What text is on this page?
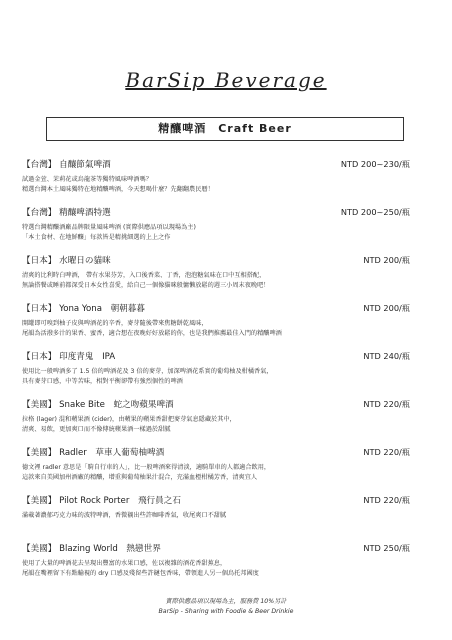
BarSip Beverage
精釀啤酒　Craft Beer
【台灣】 自釀節氣啤酒	NTD 200~230/瓶
試過金萱、茉莉花或烏龍茶等獨特風味啤酒嗎？
精選台灣本土風味獨特在地精釀啤酒，今天想喝什麼？先翻翻農民曆！
【台灣】 精釀啤酒特選	NTD 200~250/瓶
特選台灣精釀酒廠品牌限量風味啤酒 (實際供應品項以現場為主)
「本土食材、在地鮮釀」每款皆是精挑細選的上上之作
【日本】 水曜日の貓咪	NTD 200/瓶
清爽的比利時白啤酒， 帶有水果芬芳，入口後香菜、丁香，泡泡糖氣味在口中互相搭配，
無論搭餐或睡前都深受日本女性喜愛，給自己一個像貓咪般慵懶放鬆的週三小周末夜晚吧！
【日本】 Yona Yona　朝朝暮暮	NTD 200/瓶
開罐即可嗅到柚子皮與啤酒花的辛香，麥芽隨後帶來焦糖餅乾風味，
尾韻為活潑多汁的果香、蜜香，適合想在夜晚好好放鬆的你，也是我們推薦最佳入門的精釀啤酒
【日本】 印度青鬼　IPA	NTD 240/瓶
使用比一般啤酒多了 1.5 倍的啤酒花及 3 倍的麥芽，加深啤酒花系實的葡萄柚及柑橘香氣，
具有麥芽口感，中等苦味，相對平衡卻帶有強烈個性的啤酒
【美國】 Snake Bite　蛇之吻蘋果啤酒	NTD 220/瓶
拉格 (lager) 混和蘋果酒 (cider)，由蘋果的蘋果香甜把麥芽氣息隱藏於其中，
清爽、易飲，更加爽口而不像傳統蘋果酒一樣過於甜膩
【美國】 Radler　草車人葡萄柚啤酒	NTD 220/瓶
德文裡 radler 意思是「騎自行車的人」，比一般啤酒來得清淡，適騎單車的人都適合飲用，
這款來自美國加州酒廠的精釀，增重與葡萄柚果汁混合，充滿血橙柑橘芳香，清爽宜人
【美國】 Pilot Rock Porter　飛行員之石	NTD 220/瓶
滿載著濃郁巧克力味的波特啤酒，香微襯出些許咖啡香氣，收尾爽口不甜膩
【美國】 Blazing World　熱戀世界	NTD 250/瓶
使用了大量的啤酒花去呈現出豐富的水果口感，佐以複雜的酒花香甜蕉息，
尾韻在嘴裡留下有點輸視的 dry 口感及殘留些許鏈包香味，帶領進人另一個鳥托邦國度
實際供應品項以現場為主，服務費 10%另計
BarSip - Sharing with Foodie & Beer Drinkie
